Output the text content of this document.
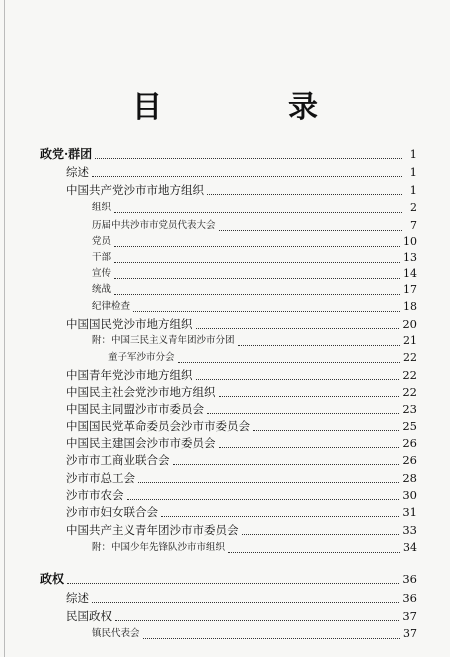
目　录
政党·群团	1
综述	1
中国共产党沙市市地方组织	1
组织	2
历届中共沙市市党员代表大会	7
党员	10
干部	13
宣传	14
统战	17
纪律检查	18
中国国民党沙市地方组织	20
附：中国三民主义青年团沙市分团	21
童子军沙市分会	22
中国青年党沙市地方组织	22
中国民主社会党沙市地方组织	22
中国民主同盟沙市市委员会	23
中国国民党革命委员会沙市市委员会	25
中国民主建国会沙市市委员会	26
沙市市工商业联合会	26
沙市市总工会	28
沙市市农会	30
沙市市妇女联合会	31
中国共产主义青年团沙市市委员会	33
附：中国少年先锋队沙市市组织	34
政权	36
综述	36
民国政权	37
镇民代表会	37
